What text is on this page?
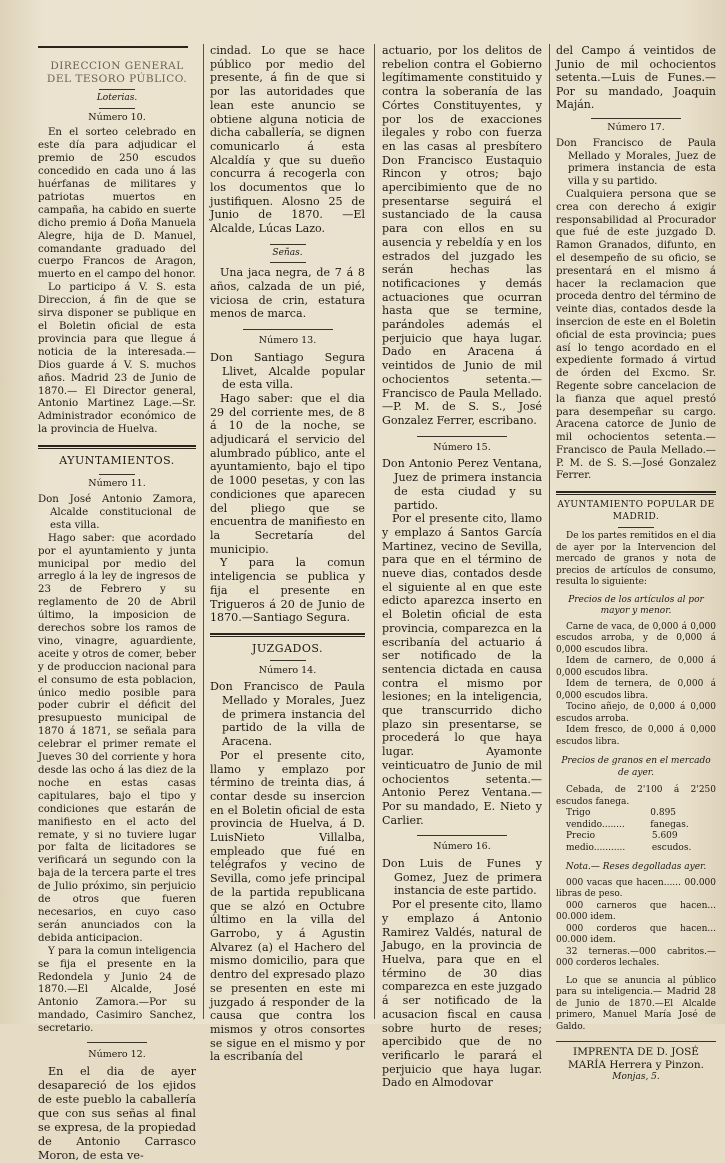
DIRECCION GENERAL DEL TESORO PÚBLICO.

Loterias.

Número 10.

En el sorteo celebrado en este día para adjudicar el premio de 250 escudos concedido en cada uno á las huérfanas de militares y patriotas muertos en campaña, ha cabido en suerte dicho premio á Doña Manuela Alegre, hija de D. Manuel, comandante graduado del cuerpo Francos de Aragon, muerto en el campo del honor.

Lo participo á V. S. esta Direccion, á fin de que se sirva disponer se publique en el Boletin oficial de esta provincia para que llegue á noticia de la interesada.— Dios guarde á V. S. muchos años. Madrid 23 de Junio de 1870.— El Director general, Antonio Martinez Lage.—Sr. Administrador económico de la provincia de Huelva.

AYUNTAMIENTOS.

Número 11.

Don José Antonio Zamora, Alcalde constitucional de esta villa.

Hago saber: que acordado por el ayuntamiento y junta municipal por medio del arreglo á la ley de ingresos de 23 de Febrero y su reglamento de 20 de Abril último, la imposicion de derechos sobre los ramos de vino, vinagre, aguardiente, aceite y otros de comer, beber y de produccion nacional para el consumo de esta poblacion, único medio posible para poder cubrir el déficit del presupuesto municipal de 1870 á 1871, se señala para celebrar el primer remate el Jueves 30 del corriente y hora desde las ocho á las diez de la noche en estas casas capitulares, bajo el tipo y condiciones que estarán de manifiesto en el acto del remate, y si no tuviere lugar por falta de licitadores se verificará un segundo con la baja de la tercera parte el tres de Julio próximo, sin perjuicio de otros que fueren necesarios, en cuyo caso serán anunciados con la debida anticipacion.

Y para la comun inteligencia se fija el presente en la Redondela y Junio 24 de 1870.—El Alcalde, José Antonio Zamora.—Por su mandado, Casimiro Sanchez, secretario.

Número 12.

En el dia de ayer desapareció de los ejidos de este pueblo la caballería que con sus señas al final se expresa, de la propiedad de Antonio Carrasco Moron, de esta ve-

cindad. Lo que se hace público por medio del presente, á fin de que si por las autoridades que lean este anuncio se obtiene alguna noticia de dicha caballería, se dignen comunicarlo á esta Alcaldía y que su dueño concurra á recogerla con los documentos que lo justifiquen. Alosno 25 de Junio de 1870. —El Alcalde, Lúcas Lazo.

Señas.

Una jaca negra, de 7 á 8 años, calzada de un pié, viciosa de crin, estatura menos de marca.

Número 13.

Don Santiago Segura Llivet, Alcalde popular de esta villa.

Hago saber: que el dia 29 del corriente mes, de 8 á 10 de la noche, se adjudicará el servicio del alumbrado público, ante el ayuntamiento, bajo el tipo de 1000 pesetas, y con las condiciones que aparecen del pliego que se encuentra de manifiesto en la Secretaría del municipio.

Y para la comun inteligencia se publica y fija el presente en Trigueros á 20 de Junio de 1870.—Santiago Segura.

JUZGADOS.

Número 14.

Don Francisco de Paula Mellado y Morales, Juez de primera instancia del partido de la villa de Aracena.

Por el presente cito, llamo y emplazo por término de treinta dias, á contar desde su insercion en el Boletin oficial de esta provincia de Huelva, á D. LuisNieto Villalba, empleado que fué en telégrafos y vecino de Sevilla, como jefe principal de la partida republicana que se alzó en Octubre último en la villa del Garrobo, y á Agustin Alvarez (a) el Hachero del mismo domicilio, para que dentro del expresado plazo se presenten en este mi juzgado á responder de la causa que contra los mismos y otros consortes se sigue en el mismo y por la escribanía del

actuario, por los delitos de rebelion contra el Gobierno legítimamente constituido y contra la soberanía de las Córtes Constituyentes, y por los de exacciones ilegales y robo con fuerza en las casas al presbítero Don Francisco Eustaquio Rincon y otros; bajo apercibimiento que de no presentarse seguirá el sustanciado de la causa para con ellos en su ausencia y rebeldía y en los estrados del juzgado les serán hechas las notificaciones y demás actuaciones que ocurran hasta que se termine, parándoles además el perjuicio que haya lugar. Dado en Aracena á veintidos de Junio de mil ochocientos setenta.— Francisco de Paula Mellado.—P. M. de S. S., José Gonzalez Ferrer, escribano.

Número 15.

Don Antonio Perez Ventana, Juez de primera instancia de esta ciudad y su partido.

Por el presente cito, llamo y emplazo á Santos García Martinez, vecino de Sevilla, para que en el término de nueve dias, contados desde el siguiente al en que este edicto aparezca inserto en el Boletin oficial de esta provincia, comparezca en la escribanía del actuario á ser notificado de la sentencia dictada en causa contra el mismo por lesiones; en la inteligencia, que transcurrido dicho plazo sin presentarse, se procederá lo que haya lugar. Ayamonte veinticuatro de Junio de mil ochocientos setenta.— Antonio Perez Ventana.— Por su mandado, E. Nieto y Carlier.

Número 16.

Don Luis de Funes y Gomez, Juez de primera instancia de este partido.

Por el presente cito, llamo y emplazo á Antonio Ramirez Valdés, natural de Jabugo, en la provincia de Huelva, para que en el término de 30 dias comparezca en este juzgado á ser notificado de la acusacion fiscal en causa sobre hurto de reses; apercibido que de no verificarlo le parará el perjuicio que haya lugar. Dado en Almodovar

del Campo á veintidos de Junio de mil ochocientos setenta.—Luis de Funes.—Por su mandado, Joaquin Maján.

Número 17.

Don Francisco de Paula Mellado y Morales, Juez de primera instancia de esta villa y su partido.

Cualquiera persona que se crea con derecho á exigir responsabilidad al Procurador que fué de este juzgado D. Ramon Granados, difunto, en el desempeño de su oficio, se presentará en el mismo á hacer la reclamacion que proceda dentro del término de veinte dias, contados desde la insercion de este en el Boletin oficial de esta provincia; pues así lo tengo acordado en el expediente formado á virtud de órden del Excmo. Sr. Regente sobre cancelacion de la fianza que aquel prestó para desempeñar su cargo. Aracena catorce de Junio de mil ochocientos setenta.—Francisco de Paula Mellado.—P. M. de S. S.—José Gonzalez Ferrer.

AYUNTAMIENTO POPULAR DE MADRID.

De los partes remitidos en el dia de ayer por la Intervencion del mercado de granos y nota de precios de artículos de consumo, resulta lo siguiente:

Precios de los artículos al por mayor y menor.

Carne de vaca, de 0,000 á 0,000 escudos arroba, y de 0,000 á 0,000 escudos libra.

Idem de carnero, de 0,000 á 0,000 escudos libra.

Idem de ternera, de 0,000 á 0,000 escudos libra.

Tocino añejo, de 0,000 á 0,000 escudos arroba.

Idem fresco, de 0,000 á 0,000 escudos libra.

Precios de granos en el mercado de ayer.

Cebada, de 2'100 á 2'250 escudos fanega.

Trigo vendido........
0.895 fanegas.
Precio medio...........
5.609 escudos.

Nota.— Reses degolladas ayer.

000 vacas que hacen...... 00.000 libras de peso.

000 carneros que hacen... 00.000 idem.

000 corderos que hacen... 00.000 idem.

32 terneras.—000 cabritos.—000 corderos lechales.

Lo que se anuncia al público para su inteligencia.— Madrid 28 de Junio de 1870.—El Alcalde primero, Manuel María José de Galdo.

IMPRENTA DE D. JOSÉ MARÍA Herrera y Pinzon.

Monjas, 5.
